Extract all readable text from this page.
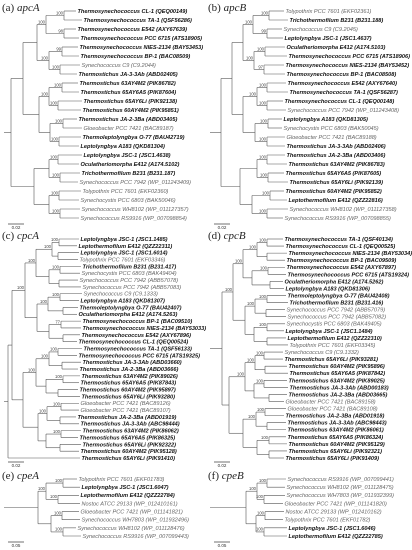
(a) apcA	100
98
99
100
100
100
100
100
100
100
100
100
100
100
100
Thermosynechococcus CL-1 (QEQ00149)
Thermosynechococcus TA-1 (QSF56286)
Thermosynechococcus E542 (AXY67639)
Thermosynechococcus PCC 6715 (ATS18905)
Thermosynechococcus NIES-2134 (BAY53453)
Thermosynechococcus BP-1 (BAC08509)
Synechococcus C9 (C9.2044)
Thermostichus JA-3-3Ab (ABD02405)
Thermostichus 63AY4M2 (PIK86782)
Thermostichus 65AY6A5 (PIK87604)
Thermostichus 65AY6Li (PIK92138)
Thermostichus 60AY4M2 (PIK95851)
Thermostichus JA-2-3Ba (ABD03405)
Gloeobacter PCC 7421 (BAC89187)
Thermoleptolyngbya O-77 (BAU42719)
Leptolyngbya A183 (QKD81304)
Leptolyngbya JSC-1 (JSC1.4638)
Oculatheriomorpha E412 (A174.5102)
Trichothermofilum B231 (B231.187)
Synechococcus PCC 7942 (WP_011243409)
Tolypothrix PCC 7601 (EKF02360)
Synechocystis PCC 6803 (BAK50046)
Synechococcus WH8102 (WP_011127357)
Synechococcus RS9916 (WP_007098854)
0.02
(b) apcB	100
99
100
97
100
100
100
100
100
100
100
100
100
100
100
Tolypothrix PCC 7601 (EKF02361)
Trichothermofilum B231 (B231.188)
Synechococcus C9 (C9.2045)
Leptolyngbya JSC-1 (JSC1.4637)
Oculatheriomorpha E412 (A174.5103)
Thermosynechococcus PCC 6715 (ATS18906)
Thermosynechococcus NIES-2134 (BAY53452)
Thermosynechococcus BP-1 (BAC08508)
Thermosynechococcus E542 (AXY67640)
Thermosynechococcus TA-1 (QSF56287)
Thermosynechococcus CL-1 (QEQ00148)
Synechococcus PCC 7942 (WP_011243408)
Leptolyngbya A183 (QKD81305)
Synechocystis PCC 6803 (BAK50045)
Gloeobacter PCC 7421 (BAC89188)
Thermostichus JA-3-3Ab (ABD02406)
Thermostichus JA-2-3Ba (ABD03406)
Thermostichus 63AY4M2 (PIK86783)
Thermostichus 65AY6A5 (PIK87605)
Thermostichus 65AY6Li (PIK92139)
Thermostichus 60AY4M2 (PIK95852)
Leptothermofilum E412 (QZZ22816)
Synechococcus WH8102 (WP_011127358)
Synechococcus RS9916 (WP_007098855)
0.02
(c) cpcA	100
100
100
77
100
100
100
100
100
100
100
100
100
100
100
Leptolyngbya JSC-1 (JSC1.1485)
Leptothermofilum E412 (QZZ22311)
Leptolyngbya JSC-1 (JSC1.6014)
Tolypothrix PCC 7601 (EKF03346)
Trichothermofilum B231 (B231.417)
Synechocystis PCC 6803 (BAK49404)
Synechococcus PCC 7942 (ABB57078)
Synechococcus PCC 7942 (ABB57083)
Synechococcus C9 (C9.1333)
Leptolyngbya A183 (QKD81307)
Thermoleptolyngbya O-77 (BAU42407)
Oculatheriomorpha E412 (A174.5263)
Thermosynechococcus BP-1 (BAC09510)
Thermosynechococcus NIES-2134 (BAY53033)
Thermosynechococcus E542 (AXY67896)
Thermosynechococcus CL-1 (QEQ00524)
Thermosynechococcus TA-1 (QSF56133)
Thermosynechococcus PCC 6715 (ATS19325)
Thermostichus JA-3-3Ab (ABD03660)
Thermostichus JA-2-3Ba (ABD03666)
Thermostichus 63AY4M2 (PIK89026)
Thermostichus 65AY6A5 (PIK87843)
Thermostichus 60AY4M2 (PIK95897)
Thermostichus 65AY6Li (PIK93280)
Gloeobacter PCC 7421 (BAC89126)
Gloeobacter PCC 7421 (BAC89107)
Thermostichus JA-2-3Ba (ABD01919)
Thermostichus JA-3-3Ab (ABC98444)
Thermostichus 63AY4M2 (PIK86062)
Thermostichus 65AY6A5 (PIK86325)
Thermostichus 65AY6Li (PIK92322)
Thermostichus 60AY4M2 (PIK95128)
Thermostichus 65AY6Li (PIK91410)
0.02
(d) cpcB	100
100
100
100
100
100
100
100
100
100
100
100
100
100
100
Thermosynechococcus TA-1 (QSF40134)
Thermosynechococcus CL-1 (QEQ00525)
Thermosynechococcus NIES-2134 (BAY53034)
Thermosynechococcus BP-1 (BAC09509)
Thermosynechococcus E542 (AXY67897)
Thermosynechococcus PCC 6715 (ATS19324)
Oculatheriomorpha E412 (A174.5262)
Leptolyngbya A183 (QKD81306)
Thermoleptolyngbya O-77 (BAU42408)
Trichothermofilum B231 (B231.416)
Synechococcus PCC 7942 (ABB57079)
Synechococcus PCC 7942 (ABB57082)
Synechocystis PCC 6803 (BAK49405)
Leptolyngbya JSC-1 (JSC1.1484)
Leptothermofilum E412 (QZZ22310)
Tolypothrix PCC 7601 (EKF03345)
Synechococcus C9 (C9.1332)
Thermostichus 65AY6Li (PIK93281)
Thermostichus 60AY4M2 (PIK95896)
Thermostichus 65AY6A5 (PIK87842)
Thermostichus 63AY4M2 (PIK89025)
Thermostichus JA-3-3Ab (ABD00183)
Thermostichus JA-2-3Ba (ABD03665)
Gloeobacter PCC 7421 (BAC89158)
Gloeobacter PCC 7421 (BAC89108)
Thermostichus JA-2-3Ba (ABD01918)
Thermostichus JA-3-3Ab (ABC98443)
Thermostichus 63AY4M2 (PIK86061)
Thermostichus 65AY6A5 (PIK86324)
Thermostichus 60AY4M2 (PIK95129)
Thermostichus 65AY6Li (PIK92321)
Thermostichus 65AY6Li (PIK91409)
0.02
(e) cpeA	100
100
100
100
100
Tolypothrix PCC 7601 (EKF01783)
Leptolyngbya JSC-1 (JSC1.6047)
Leptothermofilum E412 (QZZ22784)
Nostoc ATCC 29133 (WP_012410161)
Gloeobacter PCC 7421 (WP_011141821)
Synechococcus WH7803 (WP_011932496)
Synechococcus WH8102 (WP_011128476)
Synechococcus RS9916 (WP_007099443)
0.05
(f) cpeB	100
100
100
100
100
Synechococcus RS9916 (WP_007099441)
Synechococcus WH8102 (WP_011128475)
Synechococcus WH7803 (WP_011932399)
Gloeobacter PCC 7421 (WP_011141820)
Nostoc ATCC 29133 (WP_012410162)
Tolypothrix PCC 7601 (EKF01782)
Leptolyngbya JSC-1 (JSC1.6046)
Leptothermofilum E412 (QZZ22785)
0.05
